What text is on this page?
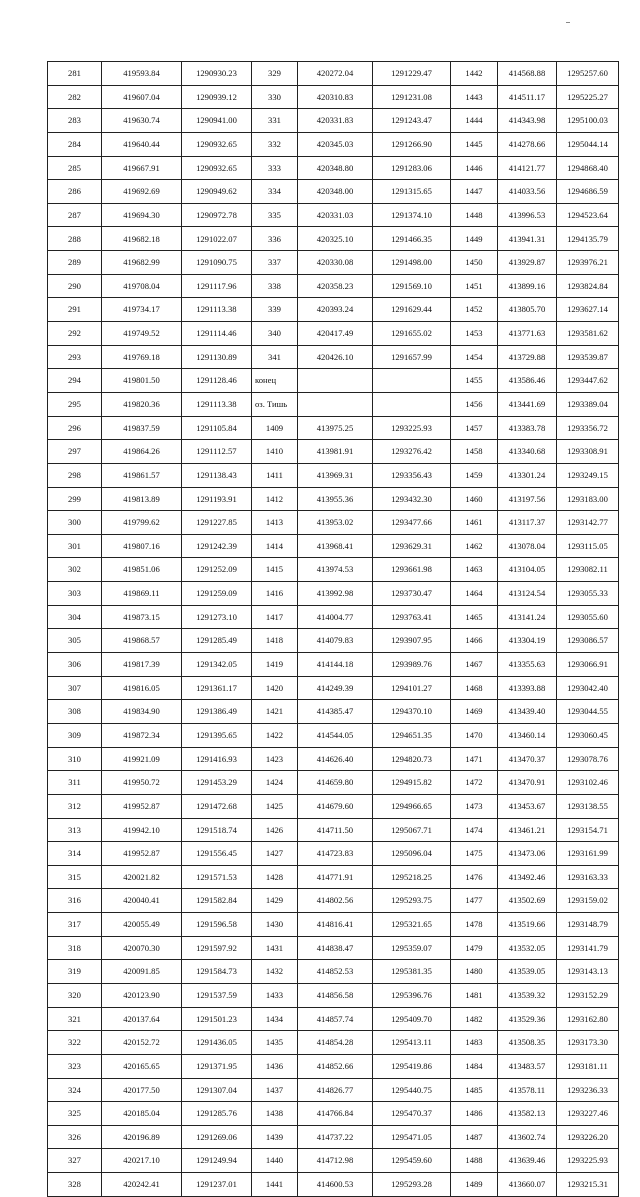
281	419593.84	1290930.23	329	420272.04	1291229.47	1442	414568.88	1295257.60
282	419607.04	1290939.12	330	420310.83	1291231.08	1443	414511.17	1295225.27
283	419630.74	1290941.00	331	420331.83	1291243.47	1444	414343.98	1295100.03
284	419640.44	1290932.65	332	420345.03	1291266.90	1445	414278.66	1295044.14
285	419667.91	1290932.65	333	420348.80	1291283.06	1446	414121.77	1294868.40
286	419692.69	1290949.62	334	420348.00	1291315.65	1447	414033.56	1294686.59
287	419694.30	1290972.78	335	420331.03	1291374.10	1448	413996.53	1294523.64
288	419682.18	1291022.07	336	420325.10	1291466.35	1449	413941.31	1294135.79
289	419682.99	1291090.75	337	420330.08	1291498.00	1450	413929.87	1293976.21
290	419708.04	1291117.96	338	420358.23	1291569.10	1451	413899.16	1293824.84
291	419734.17	1291113.38	339	420393.24	1291629.44	1452	413805.70	1293627.14
292	419749.52	1291114.46	340	420417.49	1291655.02	1453	413771.63	1293581.62
293	419769.18	1291130.89	341	420426.10	1291657.99	1454	413729.88	1293539.87
294	419801.50	1291128.46	конец			1455	413586.46	1293447.62
295	419820.36	1291113.38	оз. Тишь			1456	413441.69	1293389.04
296	419837.59	1291105.84	1409	413975.25	1293225.93	1457	413383.78	1293356.72
297	419864.26	1291112.57	1410	413981.91	1293276.42	1458	413340.68	1293308.91
298	419861.57	1291138.43	1411	413969.31	1293356.43	1459	413301.24	1293249.15
299	419813.89	1291193.91	1412	413955.36	1293432.30	1460	413197.56	1293183.00
300	419799.62	1291227.85	1413	413953.02	1293477.66	1461	413117.37	1293142.77
301	419807.16	1291242.39	1414	413968.41	1293629.31	1462	413078.04	1293115.05
302	419851.06	1291252.09	1415	413974.53	1293661.98	1463	413104.05	1293082.11
303	419869.11	1291259.09	1416	413992.98	1293730.47	1464	413124.54	1293055.33
304	419873.15	1291273.10	1417	414004.77	1293763.41	1465	413141.24	1293055.60
305	419868.57	1291285.49	1418	414079.83	1293907.95	1466	413304.19	1293086.57
306	419817.39	1291342.05	1419	414144.18	1293989.76	1467	413355.63	1293066.91
307	419816.05	1291361.17	1420	414249.39	1294101.27	1468	413393.88	1293042.40
308	419834.90	1291386.49	1421	414385.47	1294370.10	1469	413439.40	1293044.55
309	419872.34	1291395.65	1422	414544.05	1294651.35	1470	413460.14	1293060.45
310	419921.09	1291416.93	1423	414626.40	1294820.73	1471	413470.37	1293078.76
311	419950.72	1291453.29	1424	414659.80	1294915.82	1472	413470.91	1293102.46
312	419952.87	1291472.68	1425	414679.60	1294966.65	1473	413453.67	1293138.55
313	419942.10	1291518.74	1426	414711.50	1295067.71	1474	413461.21	1293154.71
314	419952.87	1291556.45	1427	414723.83	1295096.04	1475	413473.06	1293161.99
315	420021.82	1291571.53	1428	414771.91	1295218.25	1476	413492.46	1293163.33
316	420040.41	1291582.84	1429	414802.56	1295293.75	1477	413502.69	1293159.02
317	420055.49	1291596.58	1430	414816.41	1295321.65	1478	413519.66	1293148.79
318	420070.30	1291597.92	1431	414838.47	1295359.07	1479	413532.05	1293141.79
319	420091.85	1291584.73	1432	414852.53	1295381.35	1480	413539.05	1293143.13
320	420123.90	1291537.59	1433	414856.58	1295396.76	1481	413539.32	1293152.29
321	420137.64	1291501.23	1434	414857.74	1295409.70	1482	413529.36	1293162.80
322	420152.72	1291436.05	1435	414854.28	1295413.11	1483	413508.35	1293173.30
323	420165.65	1291371.95	1436	414852.66	1295419.86	1484	413483.57	1293181.11
324	420177.50	1291307.04	1437	414826.77	1295440.75	1485	413578.11	1293236.33
325	420185.04	1291285.76	1438	414766.84	1295470.37	1486	413582.13	1293227.46
326	420196.89	1291269.06	1439	414737.22	1295471.05	1487	413602.74	1293226.20
327	420217.10	1291249.94	1440	414712.98	1295459.60	1488	413639.46	1293225.93
328	420242.41	1291237.01	1441	414600.53	1295293.28	1489	413660.07	1293215.31
